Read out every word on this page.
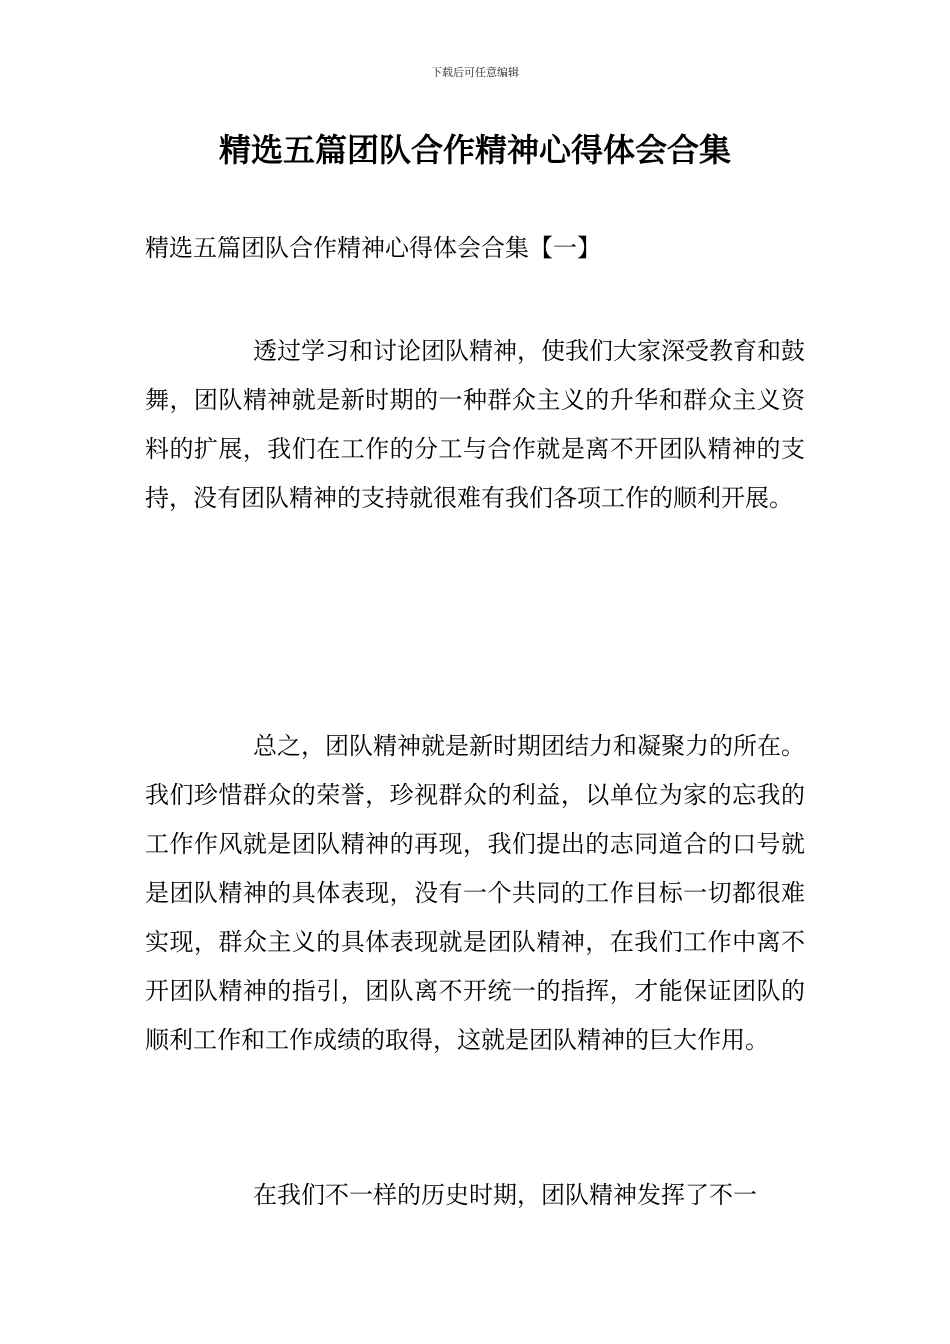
下载后可任意编辑
精选五篇团队合作精神心得体会合集
精选五篇团队合作精神心得体会合集【一】

透过学习和讨论团队精神，使我们大家深受教育和鼓舞，团队精神就是新时期的一种群众主义的升华和群众主义资料的扩展，我们在工作的分工与合作就是离不开团队精神的支持，没有团队精神的支持就很难有我们各项工作的顺利开展。

总之，团队精神就是新时期团结力和凝聚力的所在。我们珍惜群众的荣誉，珍视群众的利益，以单位为家的忘我的工作作风就是团队精神的再现，我们提出的志同道合的口号就是团队精神的具体表现，没有一个共同的工作目标一切都很难实现，群众主义的具体表现就是团队精神，在我们工作中离不开团队精神的指引，团队离不开统一的指挥，才能保证团队的顺利工作和工作成绩的取得，这就是团队精神的巨大作用。

在我们不一样的历史时期，团队精神发挥了不一
